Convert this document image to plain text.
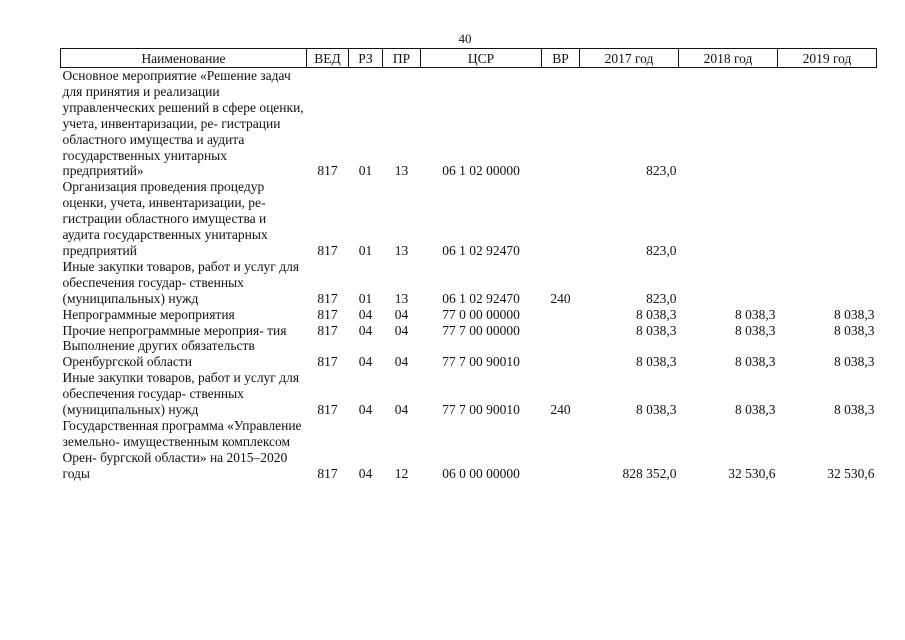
40
Наименование	ВЕД	РЗ	ПР	ЦСР	ВР	2017 год	2018 год	2019 год
Основное мероприятие «Решение задач для принятия и реализации управленческих решений в сфере оценки, учета, инвентаризации, ре- гистрации областного имущества и аудита государственных унитарных предприятий»	817	01	13	06 1 02 00000		823,0		
Организация проведения процедур оценки, учета, инвентаризации, ре- гистрации областного имущества и аудита государственных унитарных предприятий	817	01	13	06 1 02 92470		823,0		
Иные закупки товаров, работ и услуг для обеспечения государ- ственных (муниципальных) нужд	817	01	13	06 1 02 92470	240	823,0		
Непрограммные мероприятия	817	04	04	77 0 00 00000		8 038,3	8 038,3	8 038,3
Прочие непрограммные мероприя- тия	817	04	04	77 7 00 00000		8 038,3	8 038,3	8 038,3
Выполнение других обязательств Оренбургской области	817	04	04	77 7 00 90010		8 038,3	8 038,3	8 038,3
Иные закупки товаров, работ и услуг для обеспечения государ- ственных (муниципальных) нужд	817	04	04	77 7 00 90010	240	8 038,3	8 038,3	8 038,3
Государственная программа «Управление земельно- имущественным комплексом Орен- бургской области» на 2015–2020 годы	817	04	12	06 0 00 00000		828 352,0	32 530,6	32 530,6
